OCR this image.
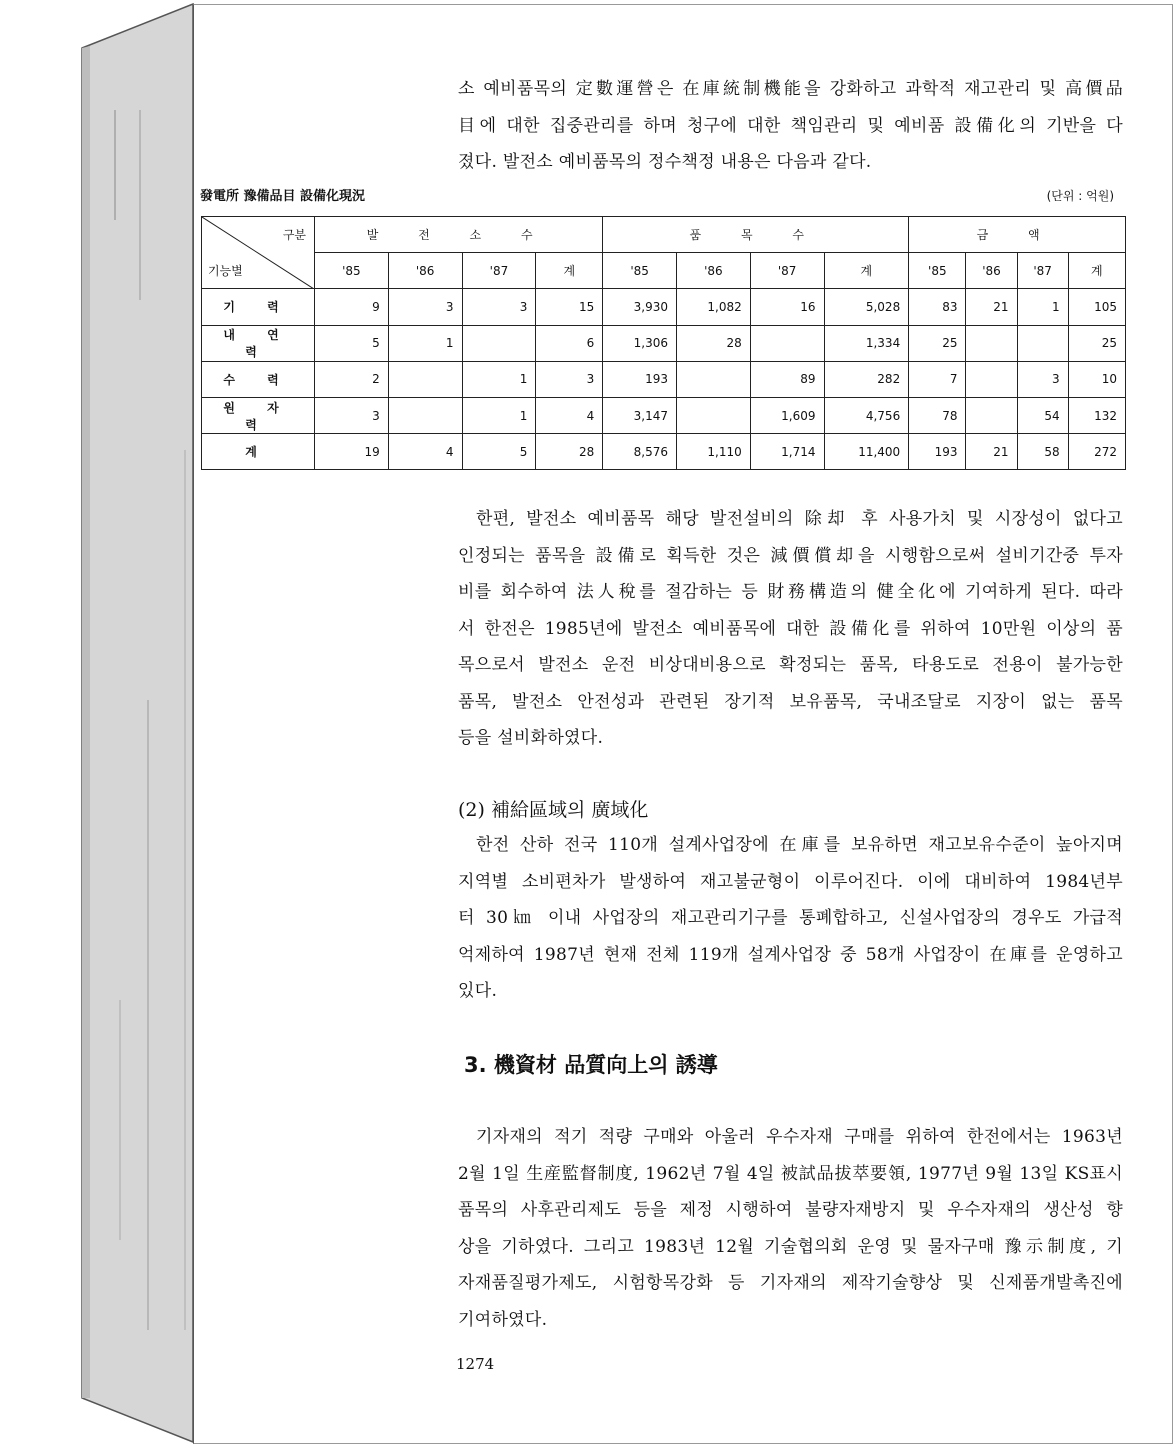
소 예비품목의 定數運營은 在庫統制機能을 강화하고 과학적 재고관리 및 高價品
目에 대한 집중관리를 하며 청구에 대한 책임관리 및 예비품 設備化의 기반을 다
졌다. 발전소 예비품목의 정수책정 내용은 다음과 같다.
發電所 豫備品目 設備化現況	(단위 : 억원)
구분
기능별	발 전 소 수				품 목 수				금 액			
	'85	'86	'87	계	'85	'86	'87	계	'85	'86	'87	계
기 력	9	3	3	15	3,930	1,082	16	5,028	83	21	1	105
내 연 력	5	1		6	1,306	28		1,334	25			25
수 력	2		1	3	193		89	282	7		3	10
원 자 력	3		1	4	3,147		1,609	4,756	78		54	132
계	19	4	5	28	8,576	1,110	1,714	11,400	193	21	58	272
한편, 발전소 예비품목 해당 발전설비의 除却 후 사용가치 및 시장성이 없다고
인정되는 품목을 設備로 획득한 것은 減價償却을 시행함으로써 설비기간중 투자
비를 회수하여 法人稅를 절감하는 등 財務構造의 健全化에 기여하게 된다. 따라
서 한전은 1985년에 발전소 예비품목에 대한 設備化를 위하여 10만원 이상의 품
목으로서 발전소 운전 비상대비용으로 확정되는 품목, 타용도로 전용이 불가능한
품목, 발전소 안전성과 관련된 장기적 보유품목, 국내조달로 지장이 없는 품목
등을 설비화하였다.
(2) 補給區域의 廣域化
한전 산하 전국 110개 설계사업장에 在庫를 보유하면 재고보유수준이 높아지며
지역별 소비편차가 발생하여 재고불균형이 이루어진다. 이에 대비하여 1984년부
터 30㎞ 이내 사업장의 재고관리기구를 통폐합하고, 신설사업장의 경우도 가급적
억제하여 1987년 현재 전체 119개 설계사업장 중 58개 사업장이 在庫를 운영하고
있다.
3. 機資材 品質向上의 誘導
기자재의 적기 적량 구매와 아울러 우수자재 구매를 위하여 한전에서는 1963년
2월 1일 生産監督制度, 1962년 7월 4일 被試品拔萃要領, 1977년 9월 13일 KS표시
품목의 사후관리제도 등을 제정 시행하여 불량자재방지 및 우수자재의 생산성 향
상을 기하였다. 그리고 1983년 12월 기술협의회 운영 및 물자구매 豫示制度, 기
자재품질평가제도, 시험항목강화 등 기자재의 제작기술향상 및 신제품개발촉진에
기여하였다.
1274
